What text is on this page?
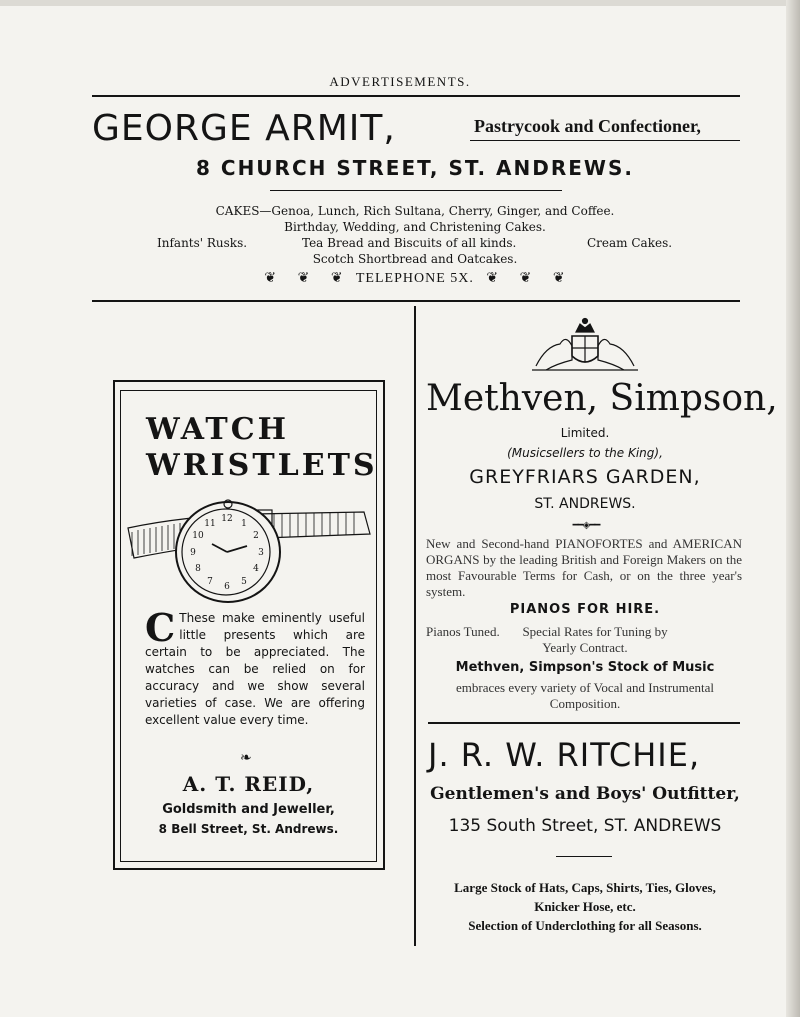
ADVERTISEMENTS.
GEORGE ARMIT,	Pastrycook and Confectioner,
8 CHURCH STREET, ST. ANDREWS.
CAKES—Genoa, Lunch, Rich Sultana, Cherry, Ginger, and Coffee.
Birthday, Wedding, and Christening Cakes.
Infants' Rusks.	Tea Bread and Biscuits of all kinds.	Cream Cakes.
Scotch Shortbread and Oatcakes.
❦ ❦ ❦ TELEPHONE 5X. ❦ ❦ ❦
WATCH
WRISTLETS
12 1
2
3
4
5
6
7
8
9
10
11
C These make eminently useful little presents which are certain to be appreciated. The watches can be relied on for accuracy and we show several varieties of case. We are offering excellent value every time.
❧
A. T. REID,
Goldsmith and Jeweller,
8 Bell Street, St. Andrews.
Methven, Simpson,
Limited.
(Musicsellers to the King),
GREYFRIARS GARDEN,
ST. ANDREWS.
━━◈━━
New and Second-hand PIANOFORTES and AMERICAN ORGANS by the leading British and Foreign Makers on the most Favourable Terms for Cash, or on the three year's system.
PIANOS FOR HIRE.
Pianos Tuned.       Special Rates for Tuning by
Yearly Contract.
Methven, Simpson's Stock of Music
embraces every variety of Vocal and Instrumental
Composition.
J. R. W. RITCHIE,
Gentlemen's and Boys' Outfitter,
135 South Street, ST. ANDREWS
Large Stock of Hats, Caps, Shirts, Ties, Gloves,
Knicker Hose, etc.
Selection of Underclothing for all Seasons.
